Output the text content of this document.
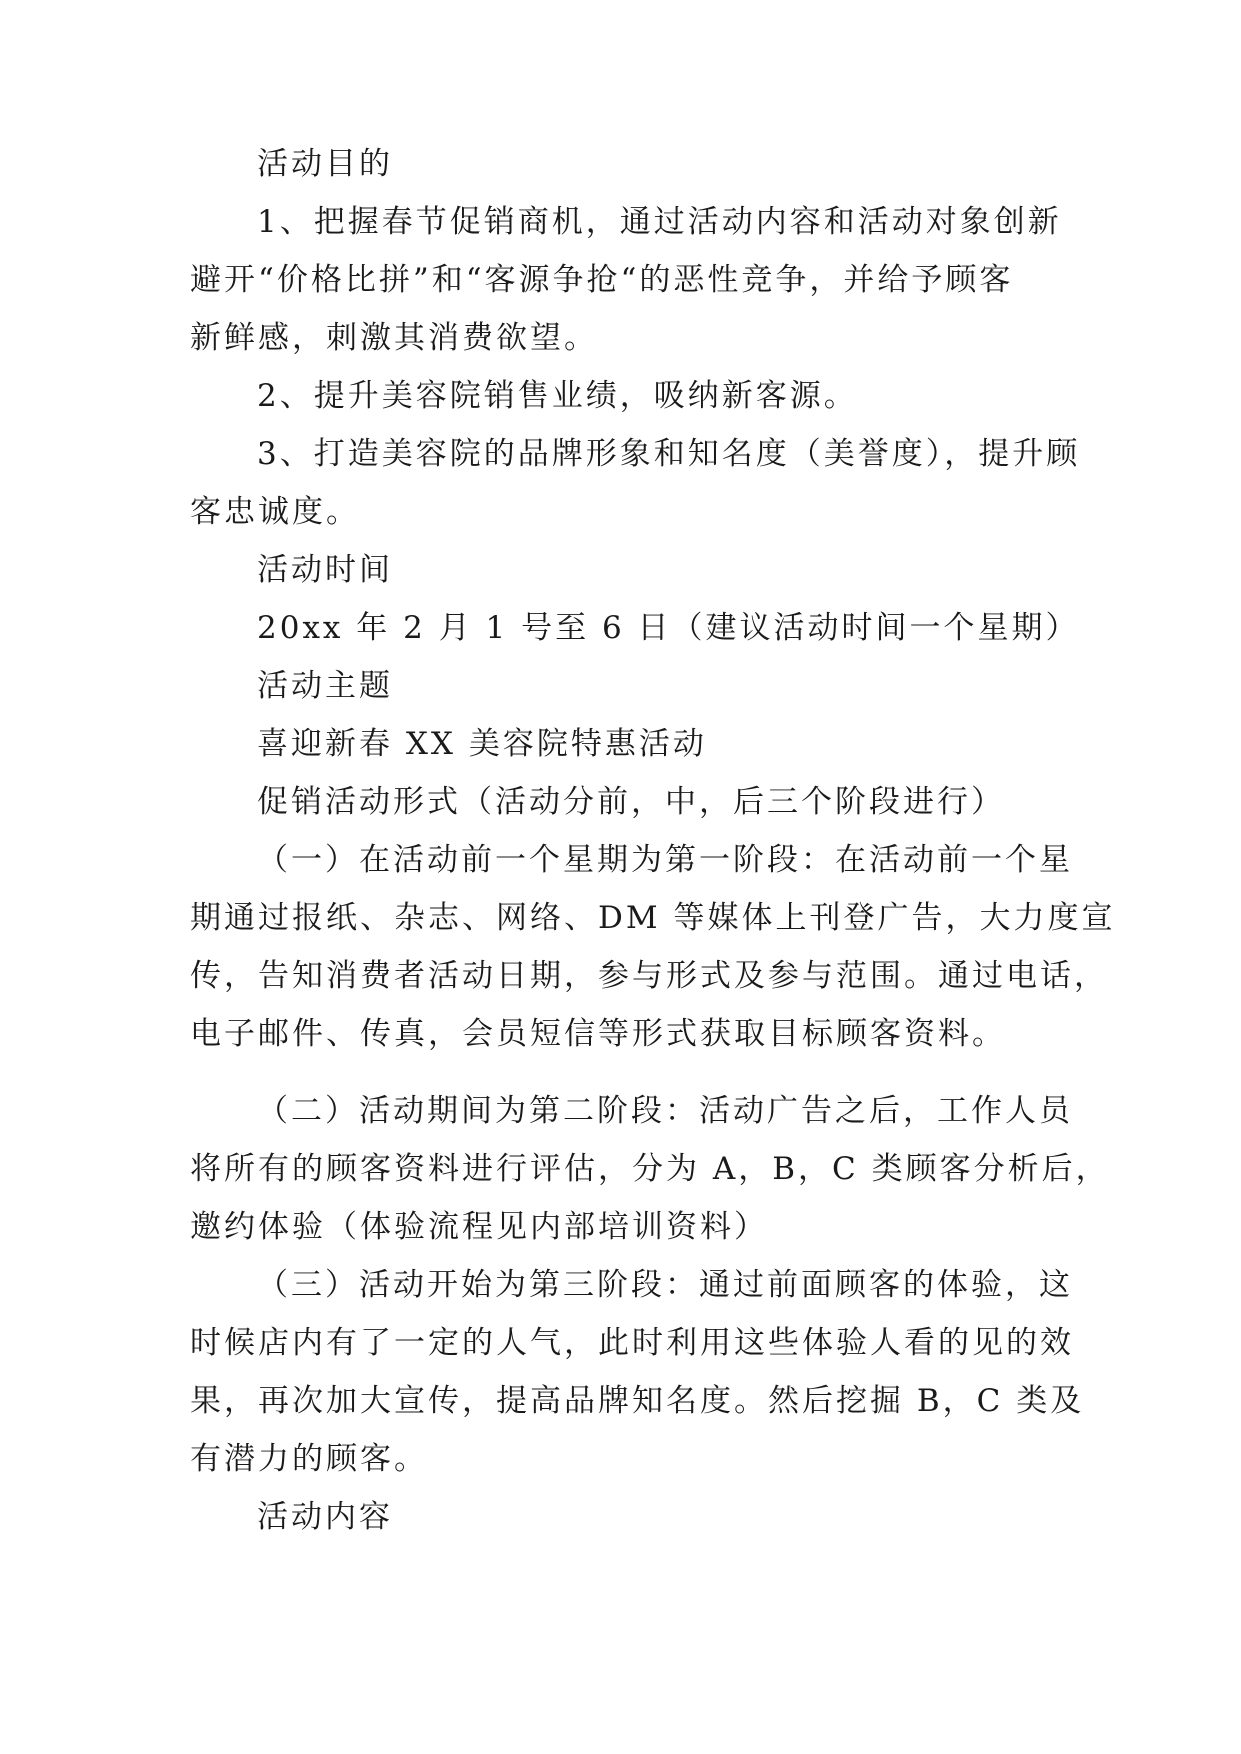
活动目的
1、把握春节促销商机，通过活动内容和活动对象创新
避开“价格比拼”和“客源争抢“的恶性竞争，并给予顾客
新鲜感，刺激其消费欲望。
2、提升美容院销售业绩，吸纳新客源。
3、打造美容院的品牌形象和知名度（美誉度），提升顾
客忠诚度。
活动时间
20xx 年 2 月 1 号至 6 日（建议活动时间一个星期）
活动主题
喜迎新春 XX 美容院特惠活动
促销活动形式（活动分前，中，后三个阶段进行）
（一）在活动前一个星期为第一阶段：在活动前一个星
期通过报纸、杂志、网络、DM 等媒体上刊登广告，大力度宣
传，告知消费者活动日期，参与形式及参与范围。通过电话，
电子邮件、传真，会员短信等形式获取目标顾客资料。
（二）活动期间为第二阶段：活动广告之后，工作人员
将所有的顾客资料进行评估，分为 A，B，C 类顾客分析后，
邀约体验（体验流程见内部培训资料）
（三）活动开始为第三阶段：通过前面顾客的体验，这
时候店内有了一定的人气，此时利用这些体验人看的见的效
果，再次加大宣传，提高品牌知名度。然后挖掘 B，C 类及
有潜力的顾客。
活动内容
